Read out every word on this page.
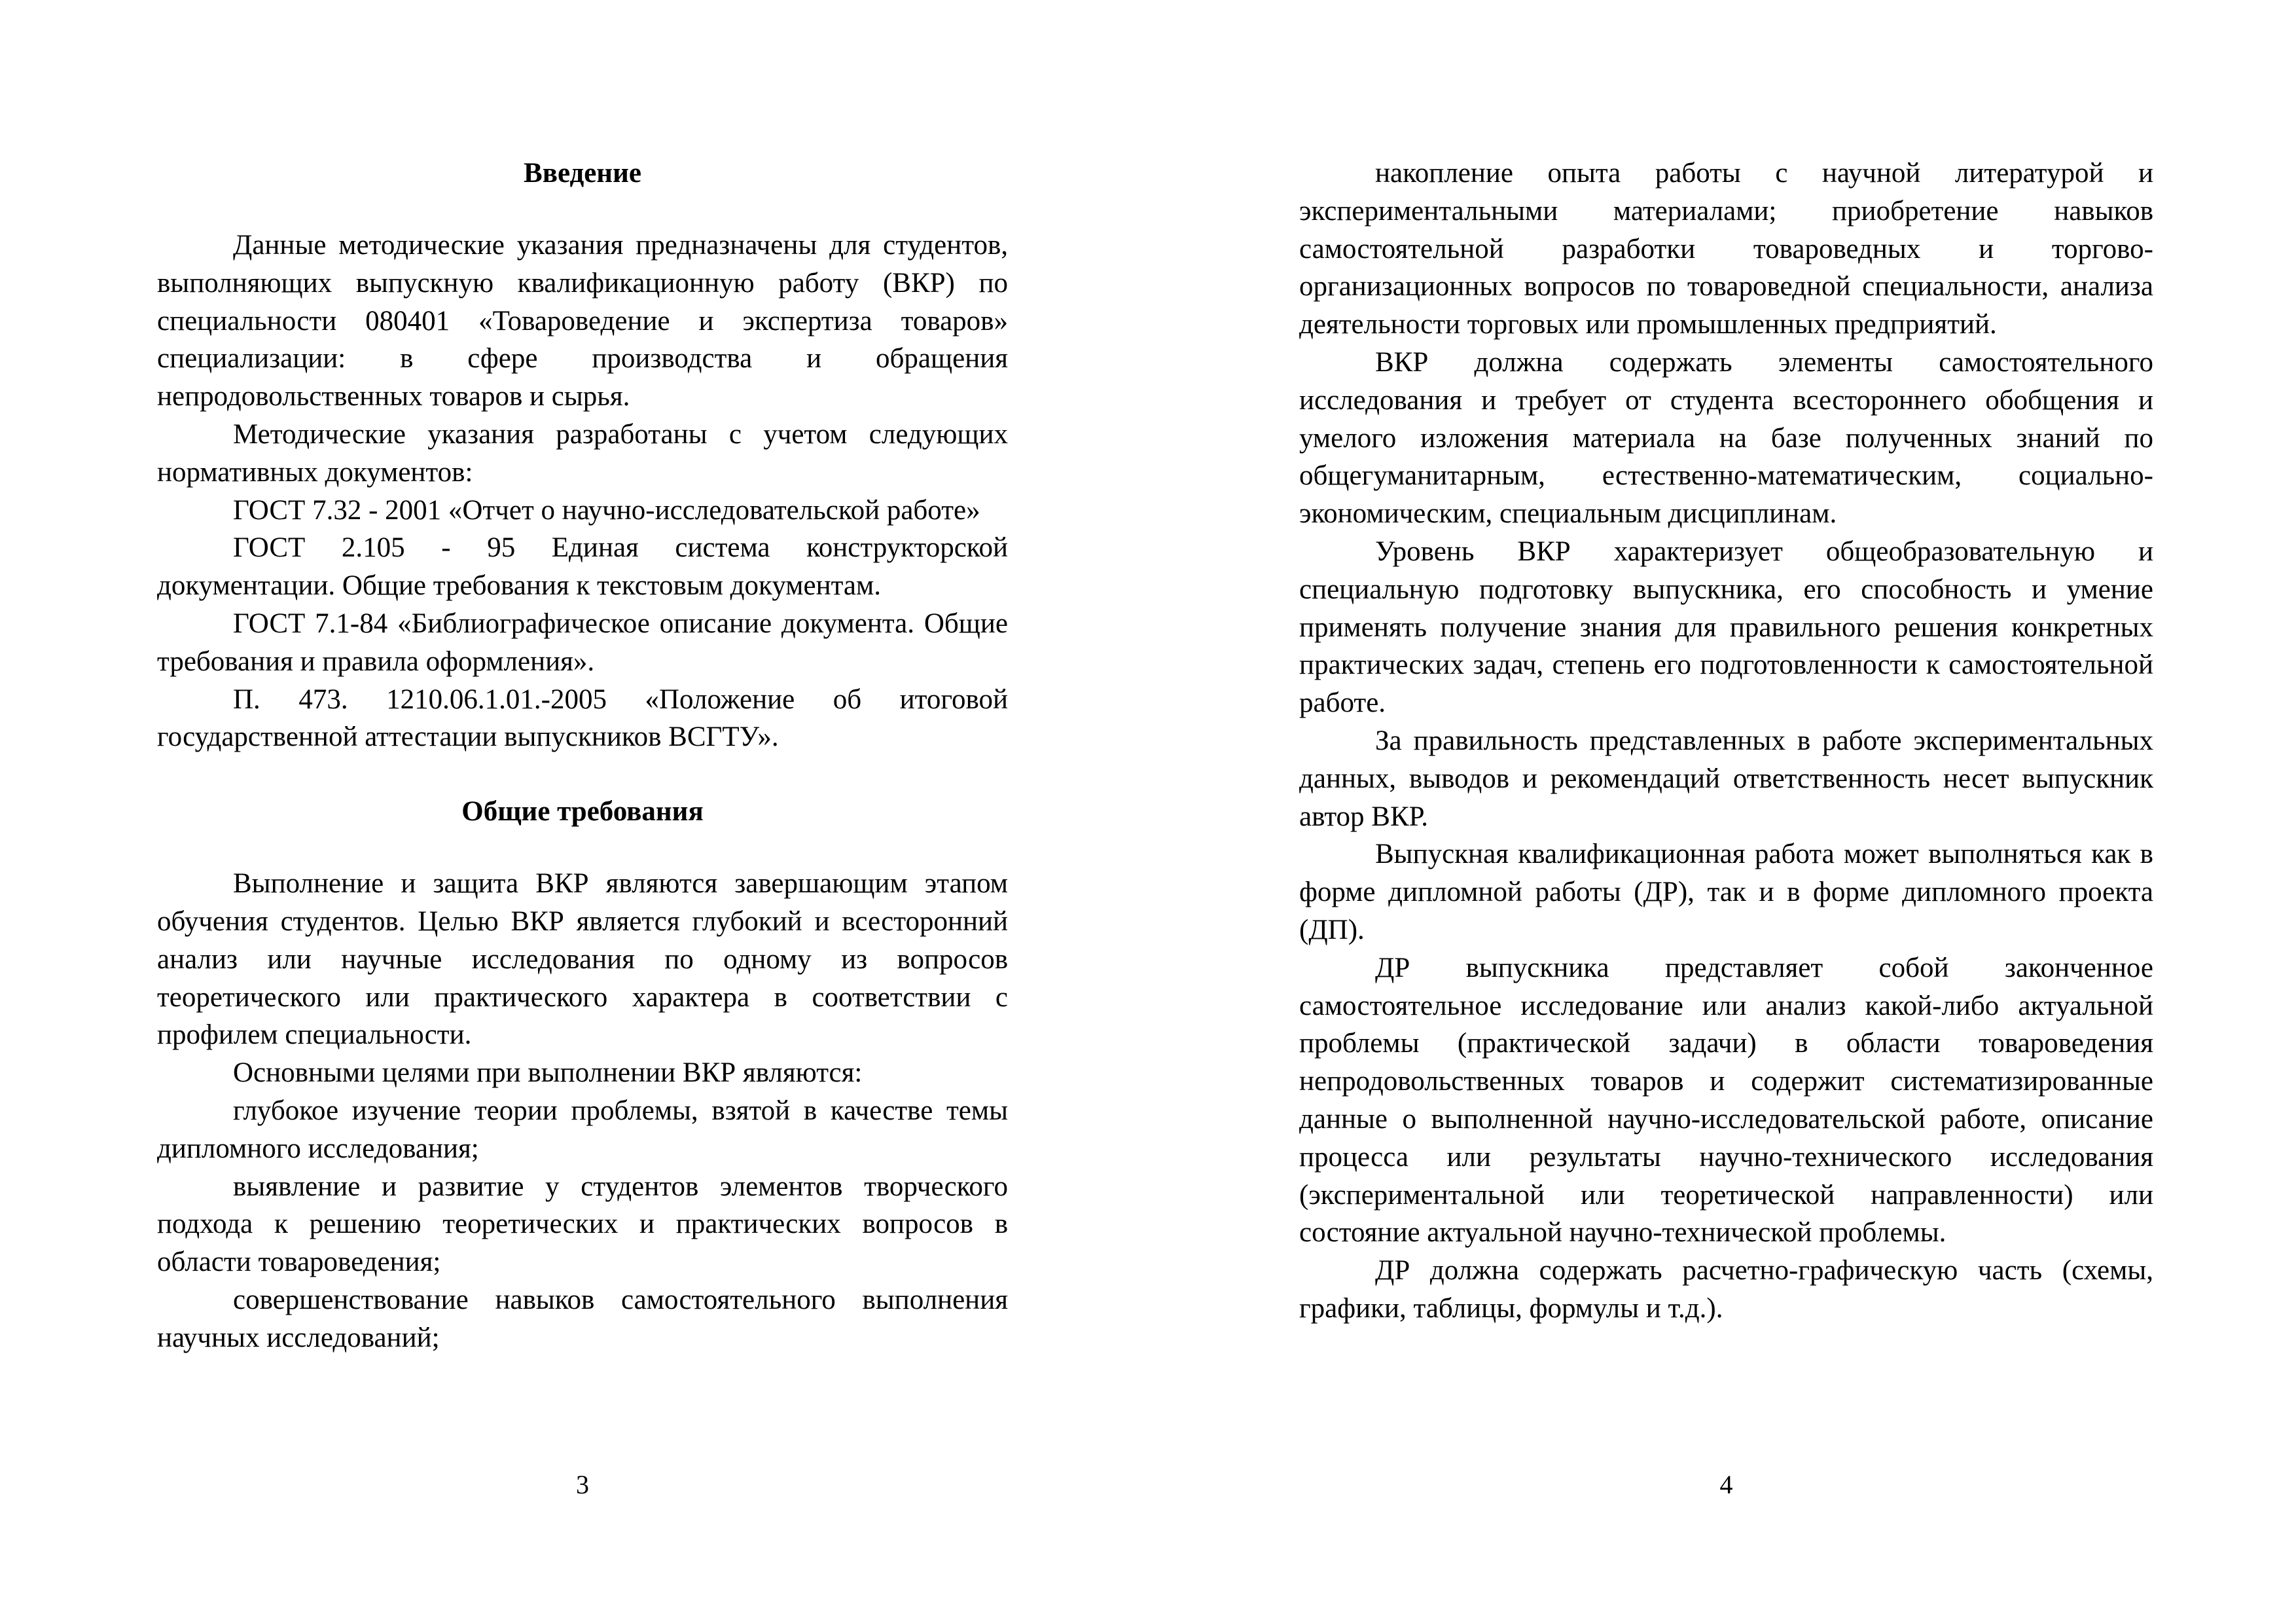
Введение

Данные методические указания предназначены для студентов, выполняющих выпускную квалификационную работу (ВКР) по специальности 080401 «Товароведение и экспертиза товаров» специализации: в сфере производства и обращения непродовольственных товаров и сырья.

Методические указания разработаны с учетом следующих нормативных документов:

ГОСТ 7.32 - 2001 «Отчет о научно-исследовательской работе»

ГОСТ 2.105 - 95 Единая система конструкторской документации. Общие требования к текстовым документам.

ГОСТ 7.1-84 «Библиографическое описание документа. Общие требования и правила оформления».

П. 473. 1210.06.1.01.-2005 «Положение об итоговой государственной аттестации выпускников ВСГТУ».

Общие требования

Выполнение и защита ВКР являются завершающим этапом обучения студентов. Целью ВКР является глубокий и всесторонний анализ или научные исследования по одному из вопросов теоретического или практического характера в соответствии с профилем специальности.

Основными целями при выполнении ВКР являются:

глубокое изучение теории проблемы, взятой в качестве темы дипломного исследования;

выявление и развитие у студентов элементов творческого подхода к решению теоретических и практических вопросов в области товароведения;

совершенствование навыков самостоятельного выполнения научных исследований;

3

накопление опыта работы с научной литературой и экспериментальными материалами; приобретение навыков самостоятельной разработки товароведных и торгово-организационных вопросов по товароведной специальности, анализа деятельности торговых или промышленных предприятий.

ВКР должна содержать элементы самостоятельного исследования и требует от студента всестороннего обобщения и умелого изложения материала на базе полученных знаний по общегуманитарным, естественно-математическим, социально-экономическим, специальным дисциплинам.

Уровень ВКР характеризует общеобразовательную и специальную подготовку выпускника, его способность и умение применять получение знания для правильного решения конкретных практических задач, степень его подготовленности к самостоятельной работе.

За правильность представленных в работе экспериментальных данных, выводов и рекомендаций ответственность несет выпускник автор ВКР.

Выпускная квалификационная работа может выполняться как в форме дипломной работы (ДР), так и в форме дипломного проекта (ДП).

ДР выпускника представляет собой законченное самостоятельное исследование или анализ какой-либо актуальной проблемы (практической задачи) в области товароведения непродовольственных товаров и содержит систематизированные данные о выполненной научно-исследовательской работе, описание процесса или результаты научно-технического исследования (экспериментальной или теоретической направленности) или состояние актуальной научно-технической проблемы.

ДР должна содержать расчетно-графическую часть (схемы, графики, таблицы, формулы и т.д.).

4
